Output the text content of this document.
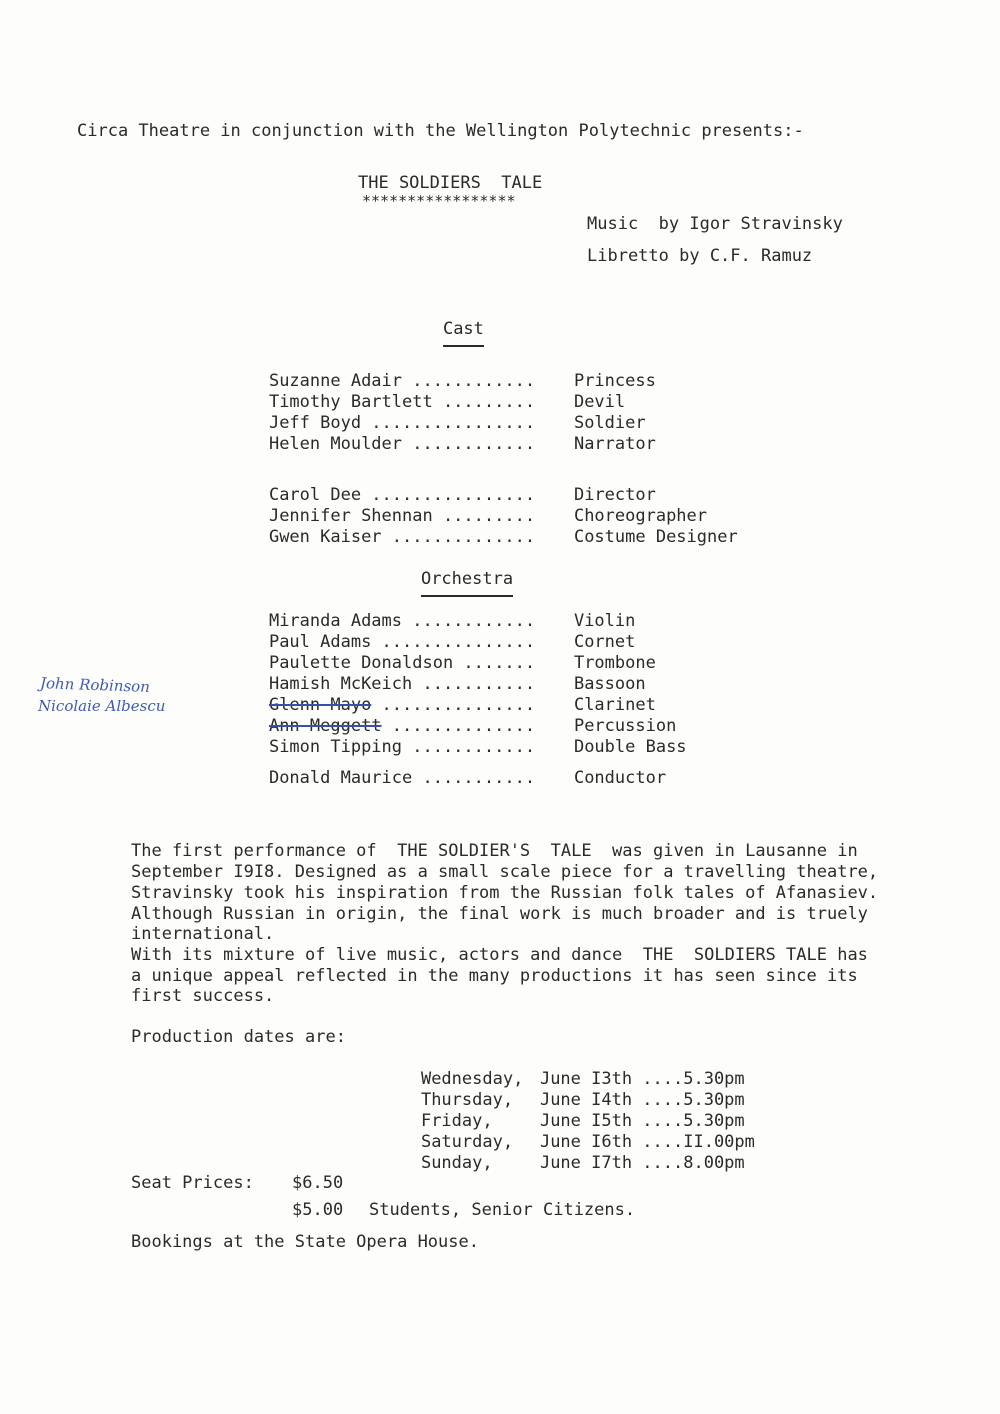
Circa Theatre in conjunction with the Wellington Polytechnic presents:-
THE SOLDIERS  TALE
*****************
Music  by Igor Stravinsky
Libretto by C.F. Ramuz

Cast

Suzanne Adair ............ Princess

Timothy Bartlett ......... Devil

Jeff Boyd ................ Soldier

Helen Moulder ............ Narrator

Carol Dee ................ Director

Jennifer Shennan ......... Choreographer

Gwen Kaiser .............. Costume Designer

Orchestra

Miranda Adams ............ Violin

Paul Adams ............... Cornet

Paulette Donaldson ....... Trombone

Hamish McKeich ........... Bassoon

Glenn Mayo ............... Clarinet

Ann Meggett .............. Percussion

Simon Tipping ............ Double Bass

Donald Maurice ........... Conductor

John Robinson
Nicolaie Albescu
The first performance of  THE SOLDIER'S  TALE  was given in Lausanne in
September I9I8. Designed as a small scale piece for a travelling theatre,
Stravinsky took his inspiration from the Russian folk tales of Afanasiev.
Although Russian in origin, the final work is much broader and is truely
international.
With its mixture of live music, actors and dance  THE  SOLDIERS TALE has
a unique appeal reflected in the many productions it has seen since its
first success.
Production dates are:

Wednesday, June I3th ....5.30pm

Thursday, June I4th ....5.30pm

Friday,	June I5th ....5.30pm

Saturday, June I6th ....II.00pm

Sunday,	June I7th ....8.00pm

Seat Prices: $6.50
$5.00 Students, Senior Citizens.
Bookings at the State Opera House.
